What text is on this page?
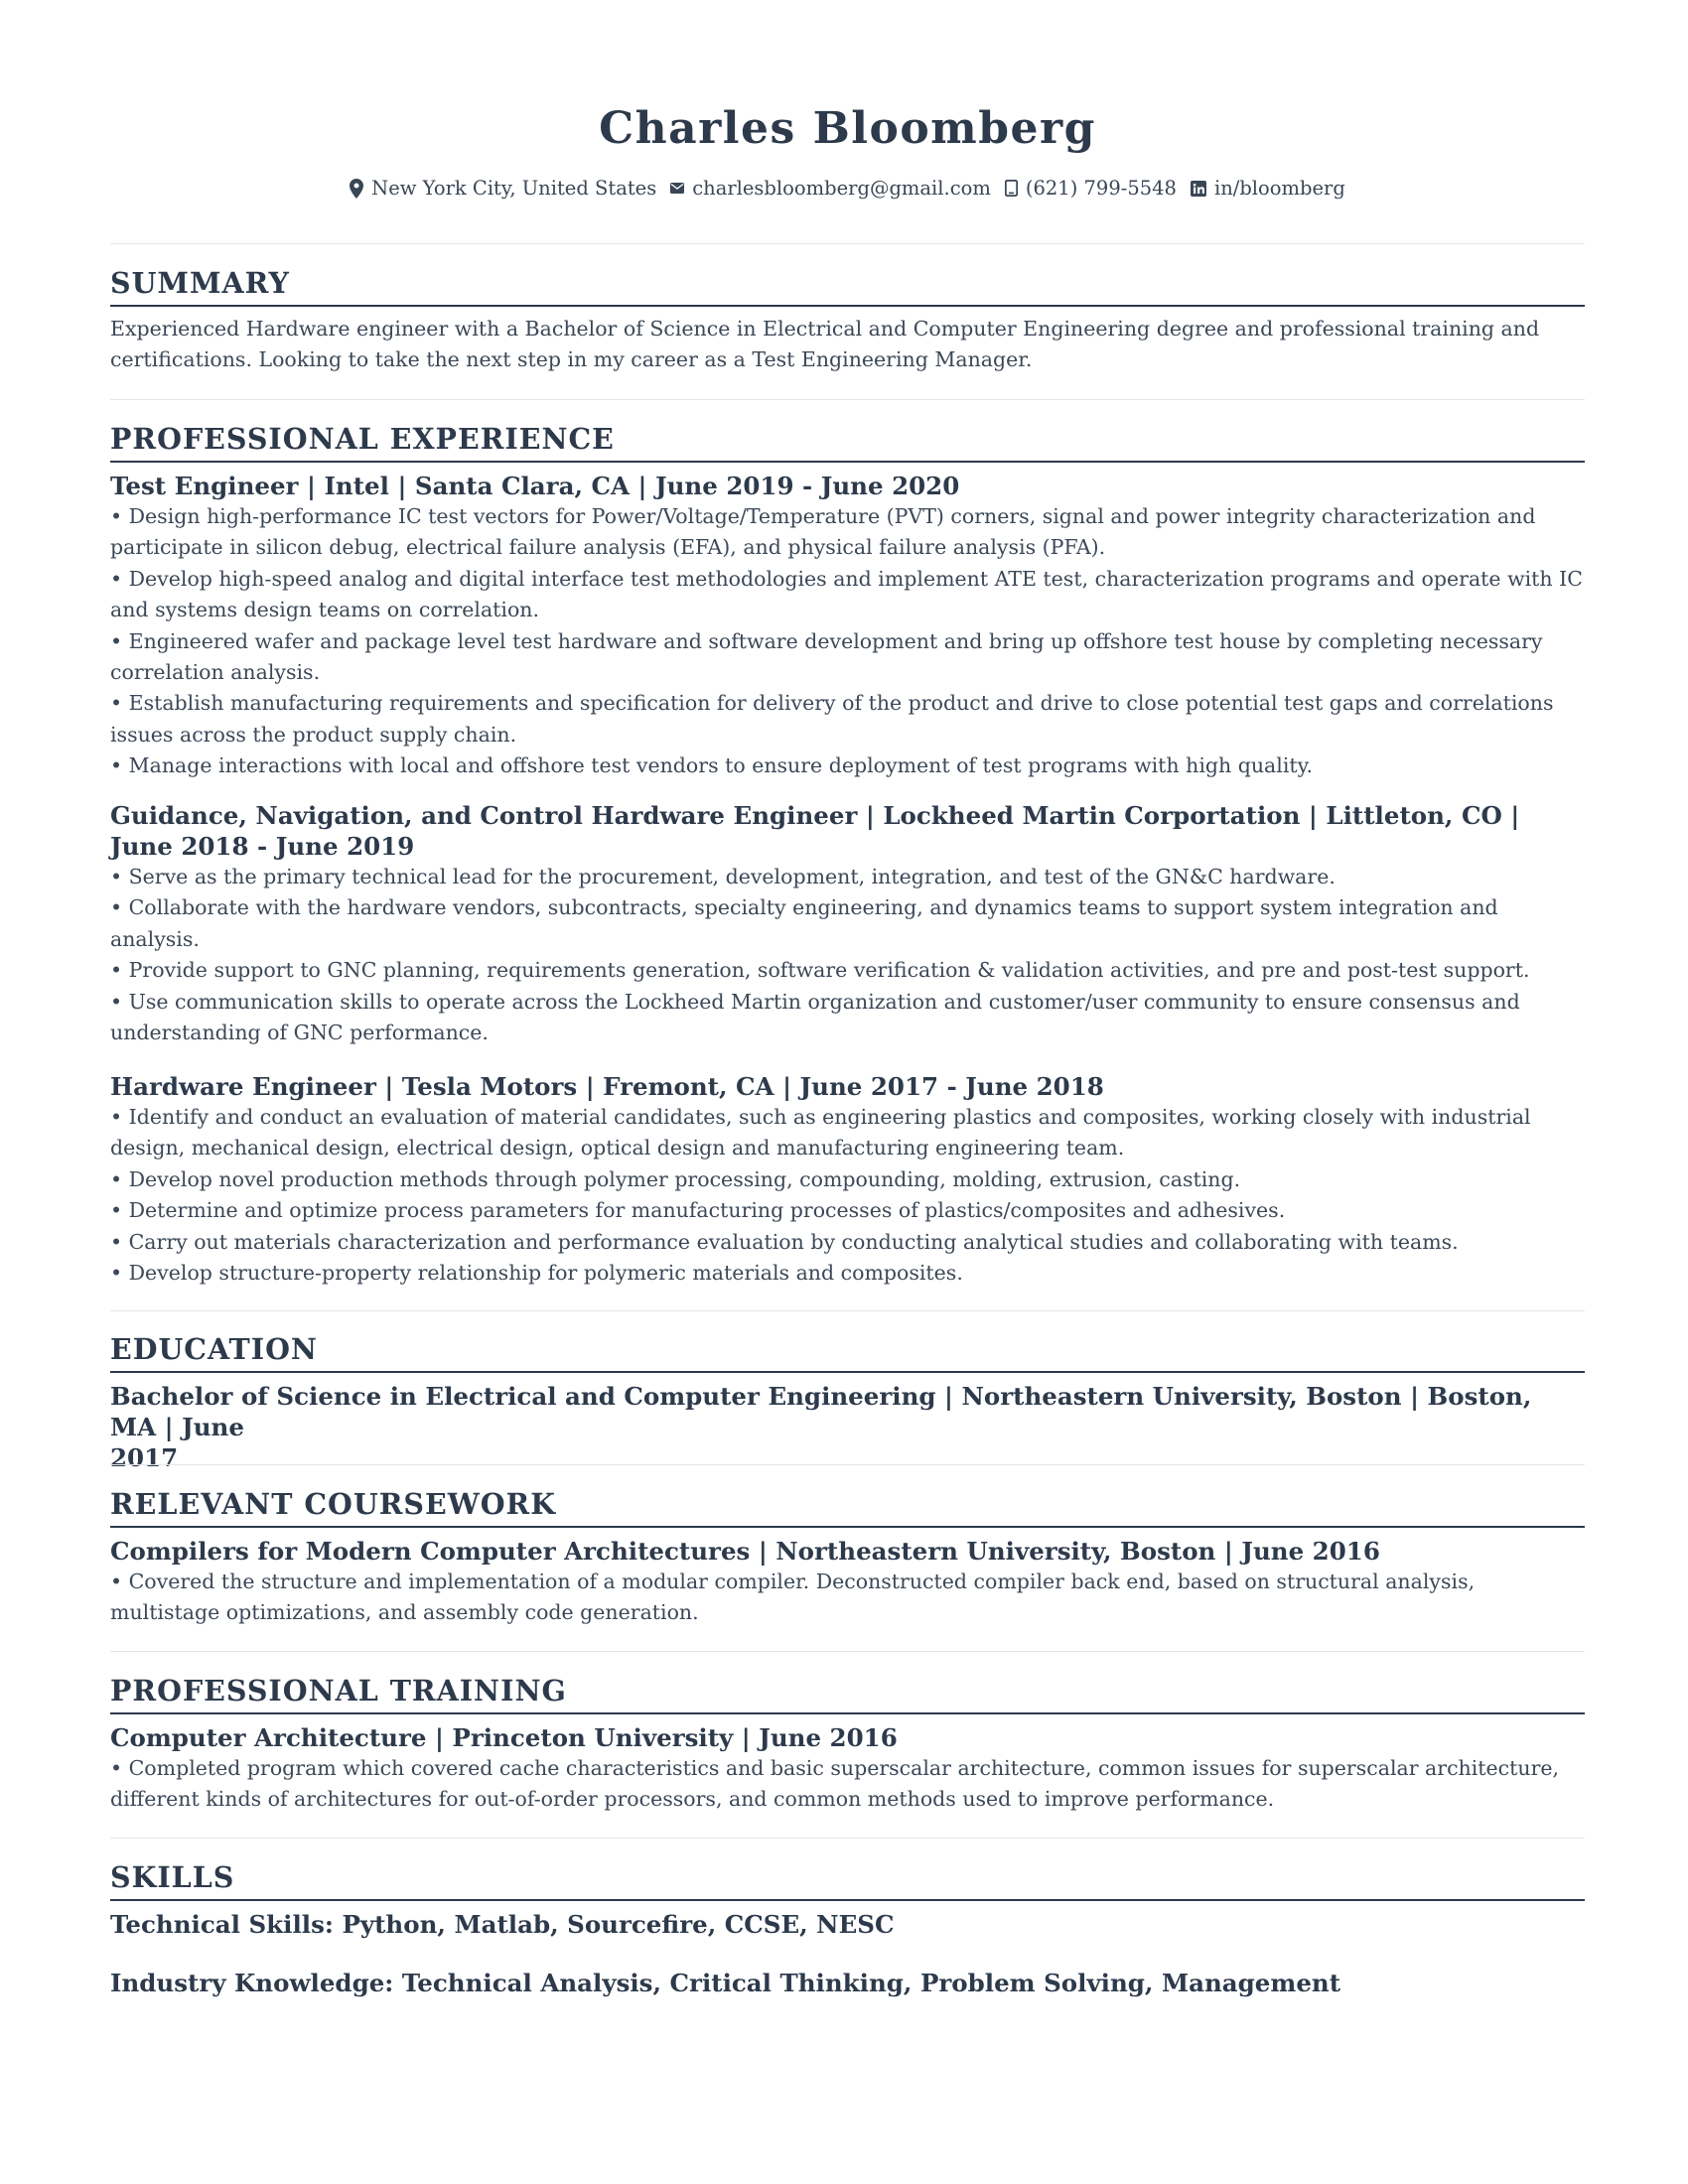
Charles Bloomberg
New York City, United States charlesbloomberg@gmail.com (621) 799-5548 in/bloomberg
SUMMARY
Experienced Hardware engineer with a Bachelor of Science in Electrical and Computer Engineering degree and professional training and certifications. Looking to take the next step in my career as a Test Engineering Manager.
PROFESSIONAL EXPERIENCE
Test Engineer | Intel | Santa Clara, CA | June 2019 - June 2020
• Design high-performance IC test vectors for Power/Voltage/Temperature (PVT) corners, signal and power integrity characterization and participate in silicon debug, electrical failure analysis (EFA), and physical failure analysis (PFA).
• Develop high-speed analog and digital interface test methodologies and implement ATE test, characterization programs and operate with IC and systems design teams on correlation.
• Engineered wafer and package level test hardware and software development and bring up offshore test house by completing necessary correlation analysis.
• Establish manufacturing requirements and specification for delivery of the product and drive to close potential test gaps and correlations issues across the product supply chain.
• Manage interactions with local and offshore test vendors to ensure deployment of test programs with high quality.
Guidance, Navigation, and Control Hardware Engineer | Lockheed Martin Corportation | Littleton, CO |
June 2018 - June 2019
• Serve as the primary technical lead for the procurement, development, integration, and test of the GN&C hardware.
• Collaborate with the hardware vendors, subcontracts, specialty engineering, and dynamics teams to support system integration and analysis.
• Provide support to GNC planning, requirements generation, software verification & validation activities, and pre and post-test support.
• Use communication skills to operate across the Lockheed Martin organization and customer/user community to ensure consensus and understanding of GNC performance.
Hardware Engineer | Tesla Motors | Fremont, CA | June 2017 - June 2018
• Identify and conduct an evaluation of material candidates, such as engineering plastics and composites, working closely with industrial design, mechanical design, electrical design, optical design and manufacturing engineering team.
• Develop novel production methods through polymer processing, compounding, molding, extrusion, casting.
• Determine and optimize process parameters for manufacturing processes of plastics/composites and adhesives.
• Carry out materials characterization and performance evaluation by conducting analytical studies and collaborating with teams.
• Develop structure-property relationship for polymeric materials and composites.
EDUCATION
Bachelor of Science in Electrical and Computer Engineering | Northeastern University, Boston | Boston, MA | June
2017
RELEVANT COURSEWORK
Compilers for Modern Computer Architectures | Northeastern University, Boston | June 2016
• Covered the structure and implementation of a modular compiler. Deconstructed compiler back end, based on structural analysis, multistage optimizations, and assembly code generation.
PROFESSIONAL TRAINING
Computer Architecture | Princeton University | June 2016
• Completed program which covered cache characteristics and basic superscalar architecture, common issues for superscalar architecture, different kinds of architectures for out-of-order processors, and common methods used to improve performance.
SKILLS
Technical Skills: Python, Matlab, Sourcefire, CCSE, NESC
Industry Knowledge: Technical Analysis, Critical Thinking, Problem Solving, Management
